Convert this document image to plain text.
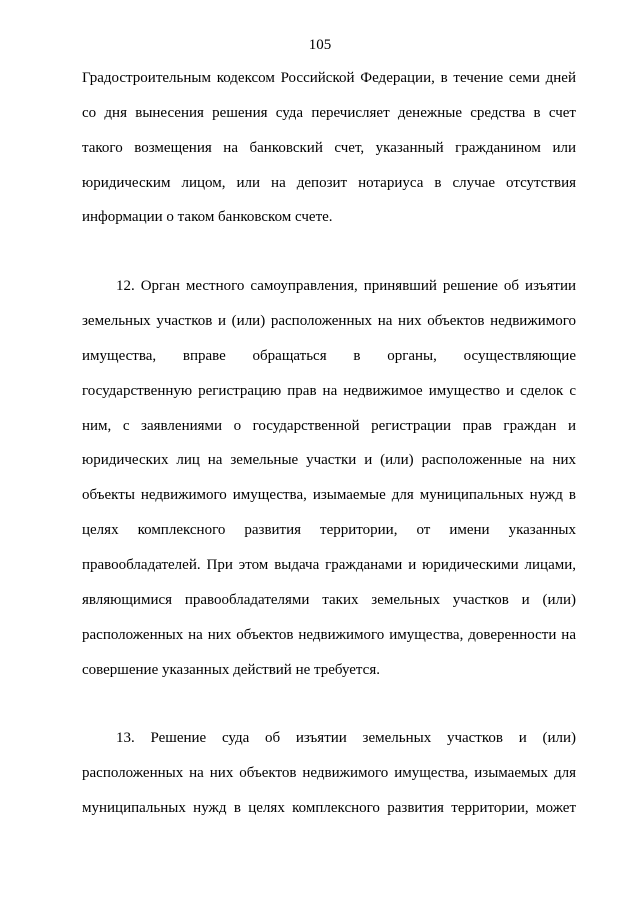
105
Градостроительным кодексом Российской Федерации, в течение семи дней
со дня вынесения решения суда перечисляет денежные средства в счет
такого возмещения на банковский счет, указанный гражданином или
юридическим лицом, или на депозит нотариуса в случае отсутствия
информации о таком банковском счете.
12. Орган местного самоуправления, принявший решение об изъятии
земельных участков и (или) расположенных на них объектов недвижимого
имущества, вправе обращаться в органы, осуществляющие
государственную регистрацию прав на недвижимое имущество и сделок с
ним, с заявлениями о государственной регистрации прав граждан и
юридических лиц на земельные участки и (или) расположенные на них
объекты недвижимого имущества, изымаемые для муниципальных нужд в
целях комплексного развития территории, от имени указанных
правообладателей. При этом выдача гражданами и юридическими лицами,
являющимися правообладателями таких земельных участков и (или)
расположенных на них объектов недвижимого имущества, доверенности на
совершение указанных действий не требуется.
13. Решение суда об изъятии земельных участков и (или)
расположенных на них объектов недвижимого имущества, изымаемых для
муниципальных нужд в целях комплексного развития территории, может
